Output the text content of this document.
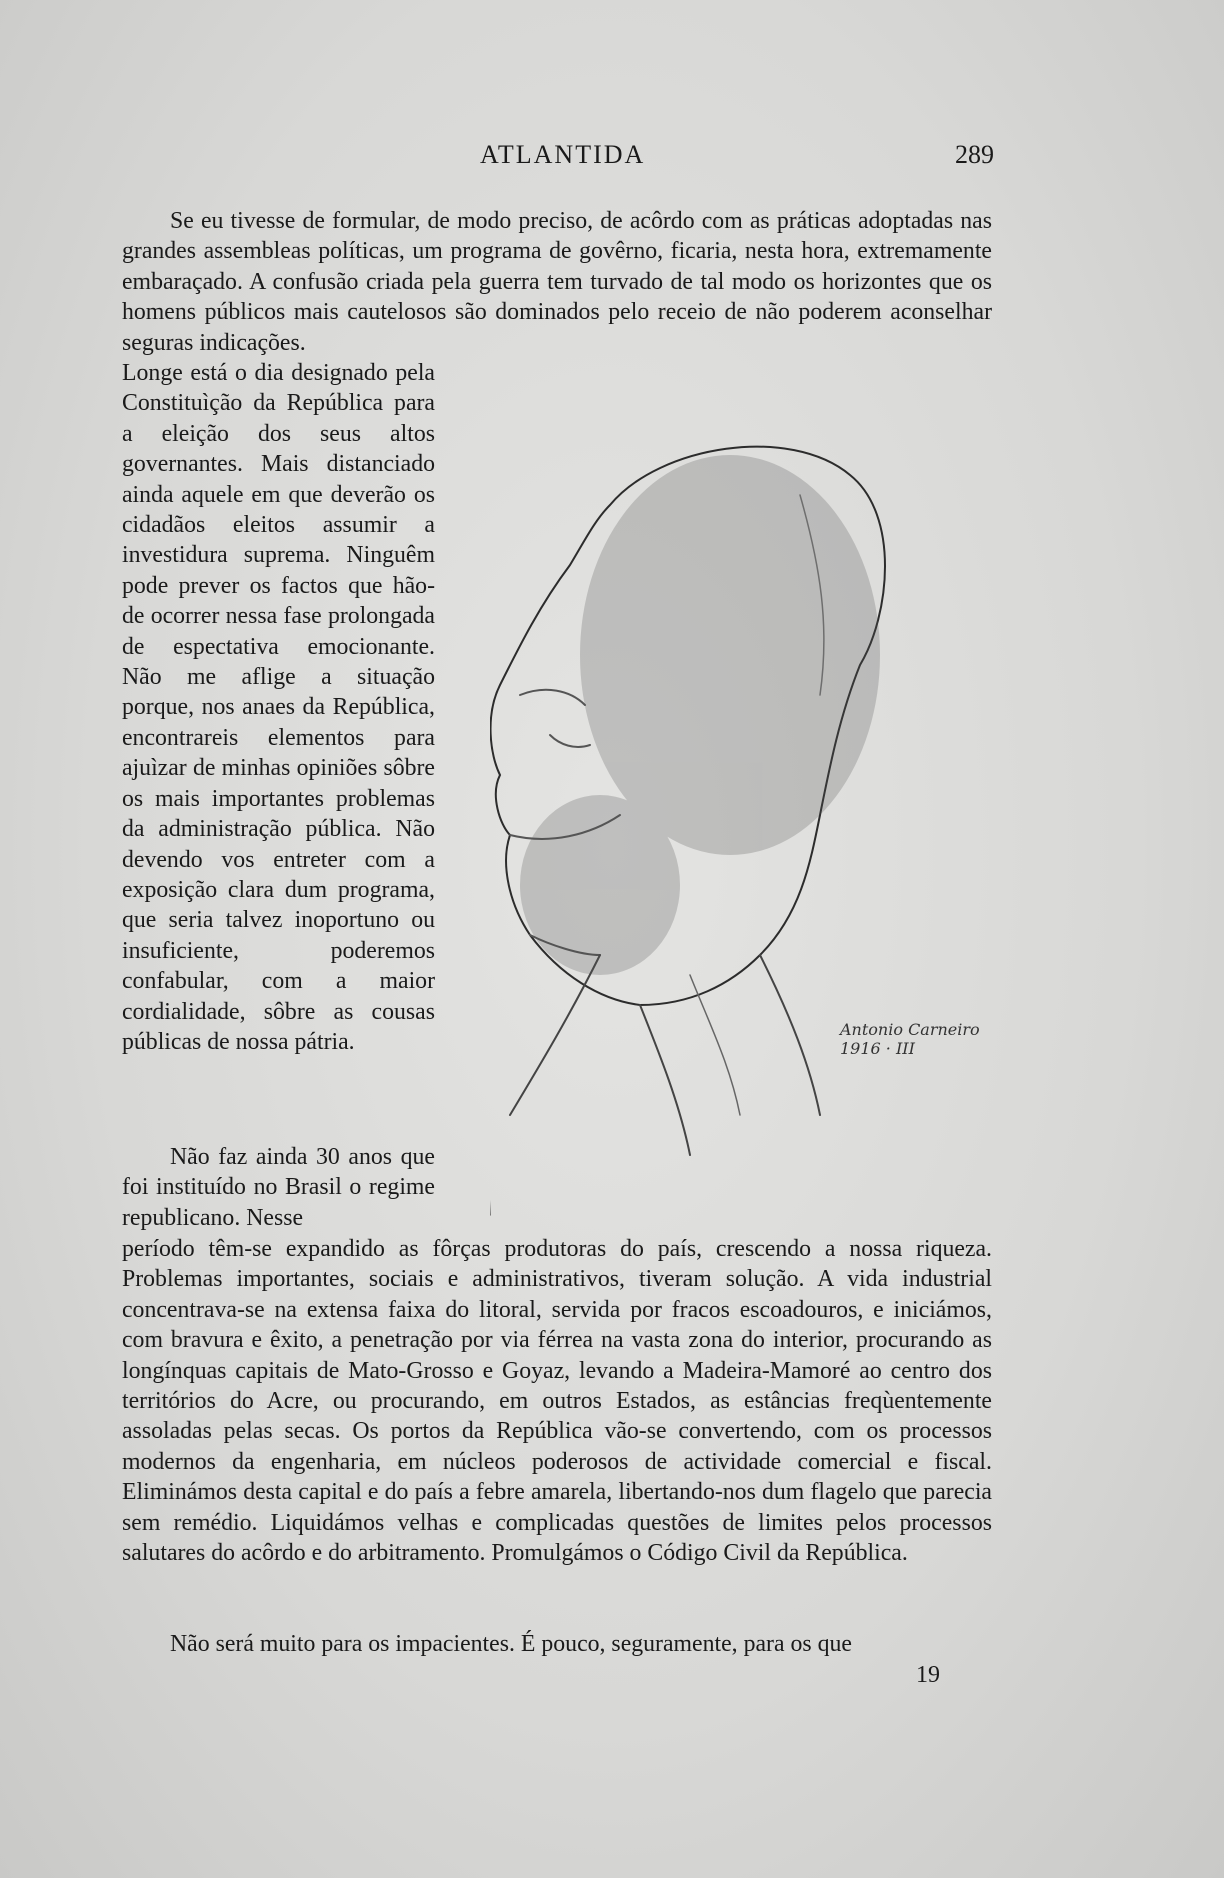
ATLANTIDA	289

Se eu tivesse de formular, de modo preciso, de acôrdo com as práticas adoptadas nas grandes assembleas políticas, um programa de govêrno, ficaria, nesta hora, extremamente embaraçado. A confusão criada pela guerra tem turvado de tal modo os horizontes que os homens públicos mais cautelosos são dominados pelo receio de não poderem aconselhar seguras indicações.

Longe está o dia designado pela Constituìção da República para a eleição dos seus altos governantes. Mais distanciado ainda aquele em que deverão os cidadãos eleitos assumir a investidura suprema. Ninguêm pode prever os factos que hão-de ocorrer nessa fase prolongada de espectativa emocionante. Não me aflige a situação porque, nos anaes da República, encontrareis elementos para ajuìzar de minhas opiniões sôbre os mais importantes problemas da administração pública. Não devendo vos entreter com a exposição clara dum programa, que seria talvez inoportuno ou insuficiente, poderemos confabular, com a maior cordialidade, sôbre as cousas públicas de nossa pátria.	Antonio Carneiro 1916 · III

Não faz ainda 30 anos que foi instituído no Brasil o regime republicano. Nesse

período têm-se expandido as fôrças produtoras do país, crescendo a nossa riqueza. Problemas importantes, sociais e administrativos, tiveram solução. A vida industrial concentrava-se na extensa faixa do litoral, servida por fracos escoadouros, e iniciámos, com bravura e êxito, a penetração por via férrea na vasta zona do interior, procurando as longínquas capitais de Mato-Grosso e Goyaz, levando a Madeira-Mamoré ao centro dos territórios do Acre, ou procurando, em outros Estados, as estâncias freqùentemente assoladas pelas secas. Os portos da República vão-se convertendo, com os processos modernos da engenharia, em núcleos poderosos de actividade comercial e fiscal. Eliminámos desta capital e do país a febre amarela, libertando-nos dum flagelo que parecia sem remédio. Liquidámos velhas e complicadas questões de limites pelos processos salutares do acôrdo e do arbitramento. Promulgámos o Código Civil da República.

Não será muito para os impacientes. É pouco, seguramente, para os que

19
